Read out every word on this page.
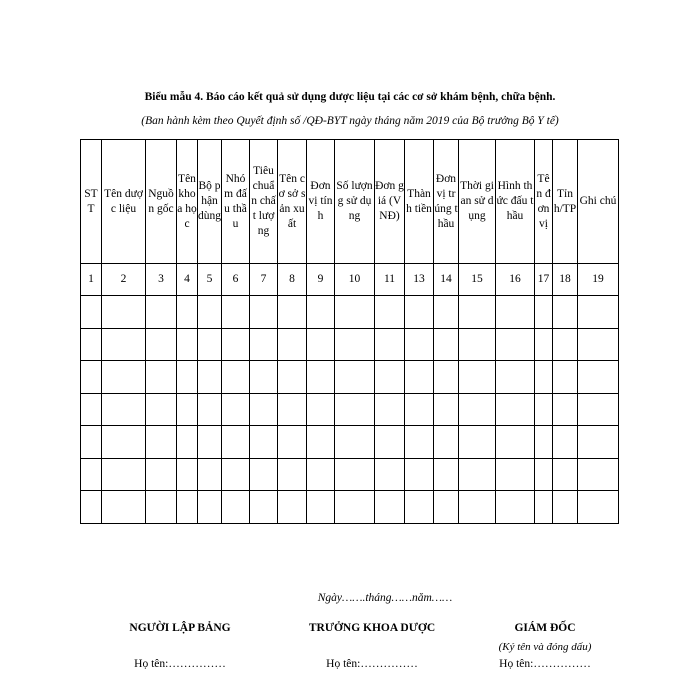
Biểu mẫu 4. Báo cáo kết quả sử dụng dược liệu tại các cơ sở khám bệnh, chữa bệnh.
(Ban hành kèm theo Quyết định số /QĐ-BYT ngày tháng năm 2019 của Bộ trưởng Bộ Y tế)
STT	Tên dược liệu	Nguồn gốc	Tên khoa học	Bộ phận dùng	Nhóm đấu thầu	Tiêu chuẩn chất lượng	Tên cơ sở sản xuất	Đơn vị tính	Số lượng sử dụng	Đơn giá (VNĐ)	Thành tiền	Đơn vị trúng thầu	Thời gian sử dụng	Hình thức đấu thầu	Tên đơn vị	Tỉnh/TP	Ghi chú
1	2	3	4	5	6	7	8	9	10	11	13	14	15	16	17	18	19

Ngày…….tháng……năm……
NGƯỜI LẬP BẢNG	TRƯỞNG KHOA DƯỢC	GIÁM ĐỐC
(Ký tên và đóng dấu)
Họ tên:……………	Họ tên:……………	Họ tên:……………
